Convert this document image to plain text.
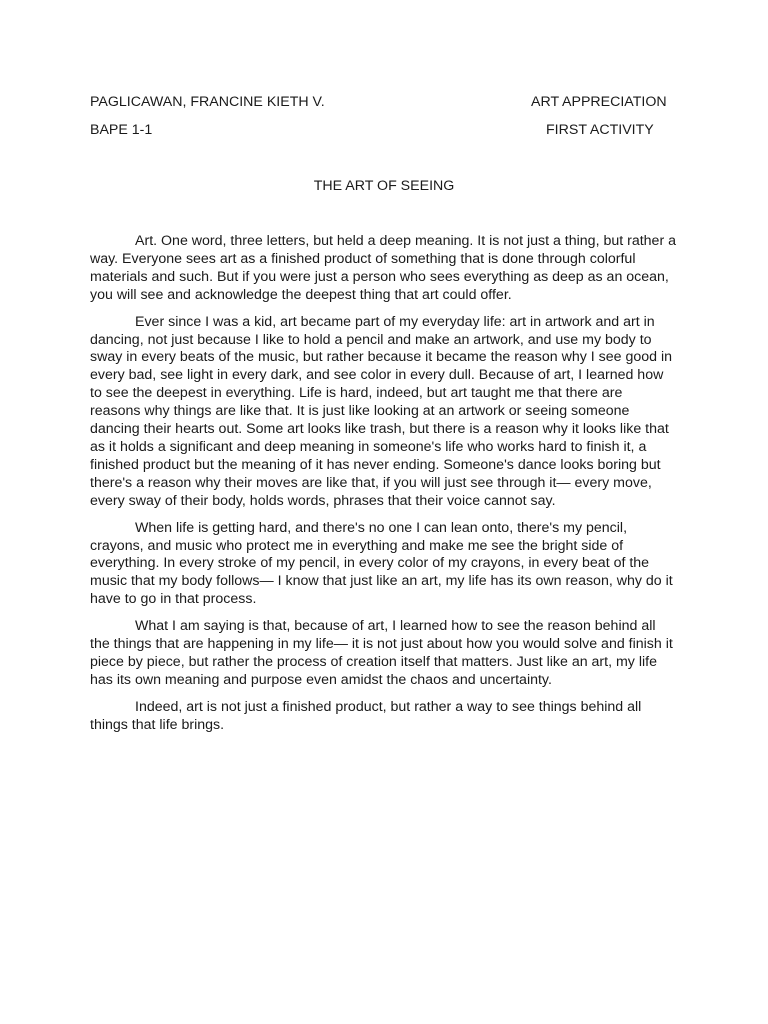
PAGLICAWAN, FRANCINE KIETH V.	ART APPRECIATION
BAPE 1-1	FIRST ACTIVITY
THE ART OF SEEING

Art. One word, three letters, but held a deep meaning. It is not just a thing, but rather a way. Everyone sees art as a finished product of something that is done through colorful materials and such. But if you were just a person who sees everything as deep as an ocean, you will see and acknowledge the deepest thing that art could offer.

Ever since I was a kid, art became part of my everyday life: art in artwork and art in dancing, not just because I like to hold a pencil and make an artwork, and use my body to sway in every beats of the music, but rather because it became the reason why I see good in every bad, see light in every dark, and see color in every dull. Because of art, I learned how to see the deepest in everything. Life is hard, indeed, but art taught me that there are reasons why things are like that. It is just like looking at an artwork or seeing someone dancing their hearts out. Some art looks like trash, but there is a reason why it looks like that as it holds a significant and deep meaning in someone's life who works hard to finish it, a finished product but the meaning of it has never ending. Someone's dance looks boring but there's a reason why their moves are like that, if you will just see through it— every move, every sway of their body, holds words, phrases that their voice cannot say.

When life is getting hard, and there's no one I can lean onto, there's my pencil, crayons, and music who protect me in everything and make me see the bright side of everything. In every stroke of my pencil, in every color of my crayons, in every beat of the music that my body follows— I know that just like an art, my life has its own reason, why do it have to go in that process.

What I am saying is that, because of art, I learned how to see the reason behind all the things that are happening in my life— it is not just about how you would solve and finish it piece by piece, but rather the process of creation itself that matters. Just like an art, my life has its own meaning and purpose even amidst the chaos and uncertainty.

Indeed, art is not just a finished product, but rather a way to see things behind all things that life brings.
